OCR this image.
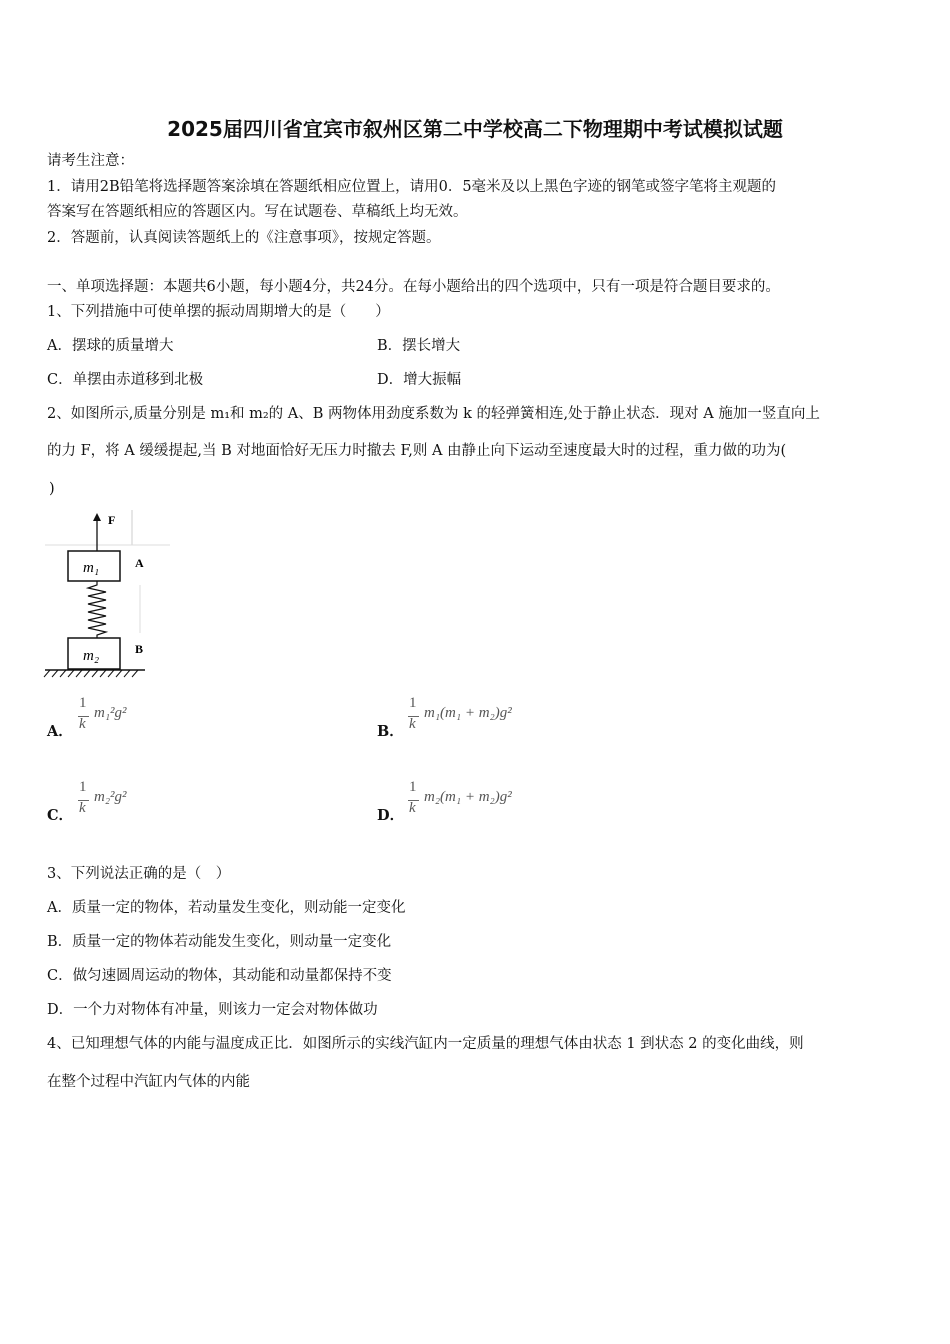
2025届四川省宜宾市叙州区第二中学校高二下物理期中考试模拟试题
请考生注意：
1．请用2B铅笔将选择题答案涂填在答题纸相应位置上，请用0．5毫米及以上黑色字迹的钢笔或签字笔将主观题的
答案写在答题纸相应的答题区内。写在试题卷、草稿纸上均无效。
2．答题前，认真阅读答题纸上的《注意事项》，按规定答题。
一、单项选择题：本题共6小题，每小题4分，共24分。在每小题给出的四个选项中，只有一项是符合题目要求的。
1、下列措施中可使单摆的振动周期增大的是（　　）
A．摆球的质量增大	B．摆长增大
C．单摆由赤道移到北极	D．增大振幅
2、如图所示,质量分别是 m₁和 m₂的 A、B 两物体用劲度系数为 k 的轻弹簧相连,处于静止状态．现对 A 施加一竖直向上
的力 F，将 A 缓缓提起,当 B 对地面恰好无压力时撤去 F,则 A 由静止向下运动至速度最大时的过程，重力做的功为(
)
F
m₁	A
m₂	B
A．
1
k
m₁²g²
B．
1
k
m₁(m₁ + m₂)g²
C．
1
k
m₂²g²
D．
1
k
m₂(m₁ + m₂)g²
3、下列说法正确的是（　）
A．质量一定的物体，若动量发生变化，则动能一定变化
B．质量一定的物体若动能发生变化，则动量一定变化
C．做匀速圆周运动的物体，其动能和动量都保持不变
D．一个力对物体有冲量，则该力一定会对物体做功
4、已知理想气体的内能与温度成正比．如图所示的实线汽缸内一定质量的理想气体由状态 1 到状态 2 的变化曲线，则
在整个过程中汽缸内气体的内能
